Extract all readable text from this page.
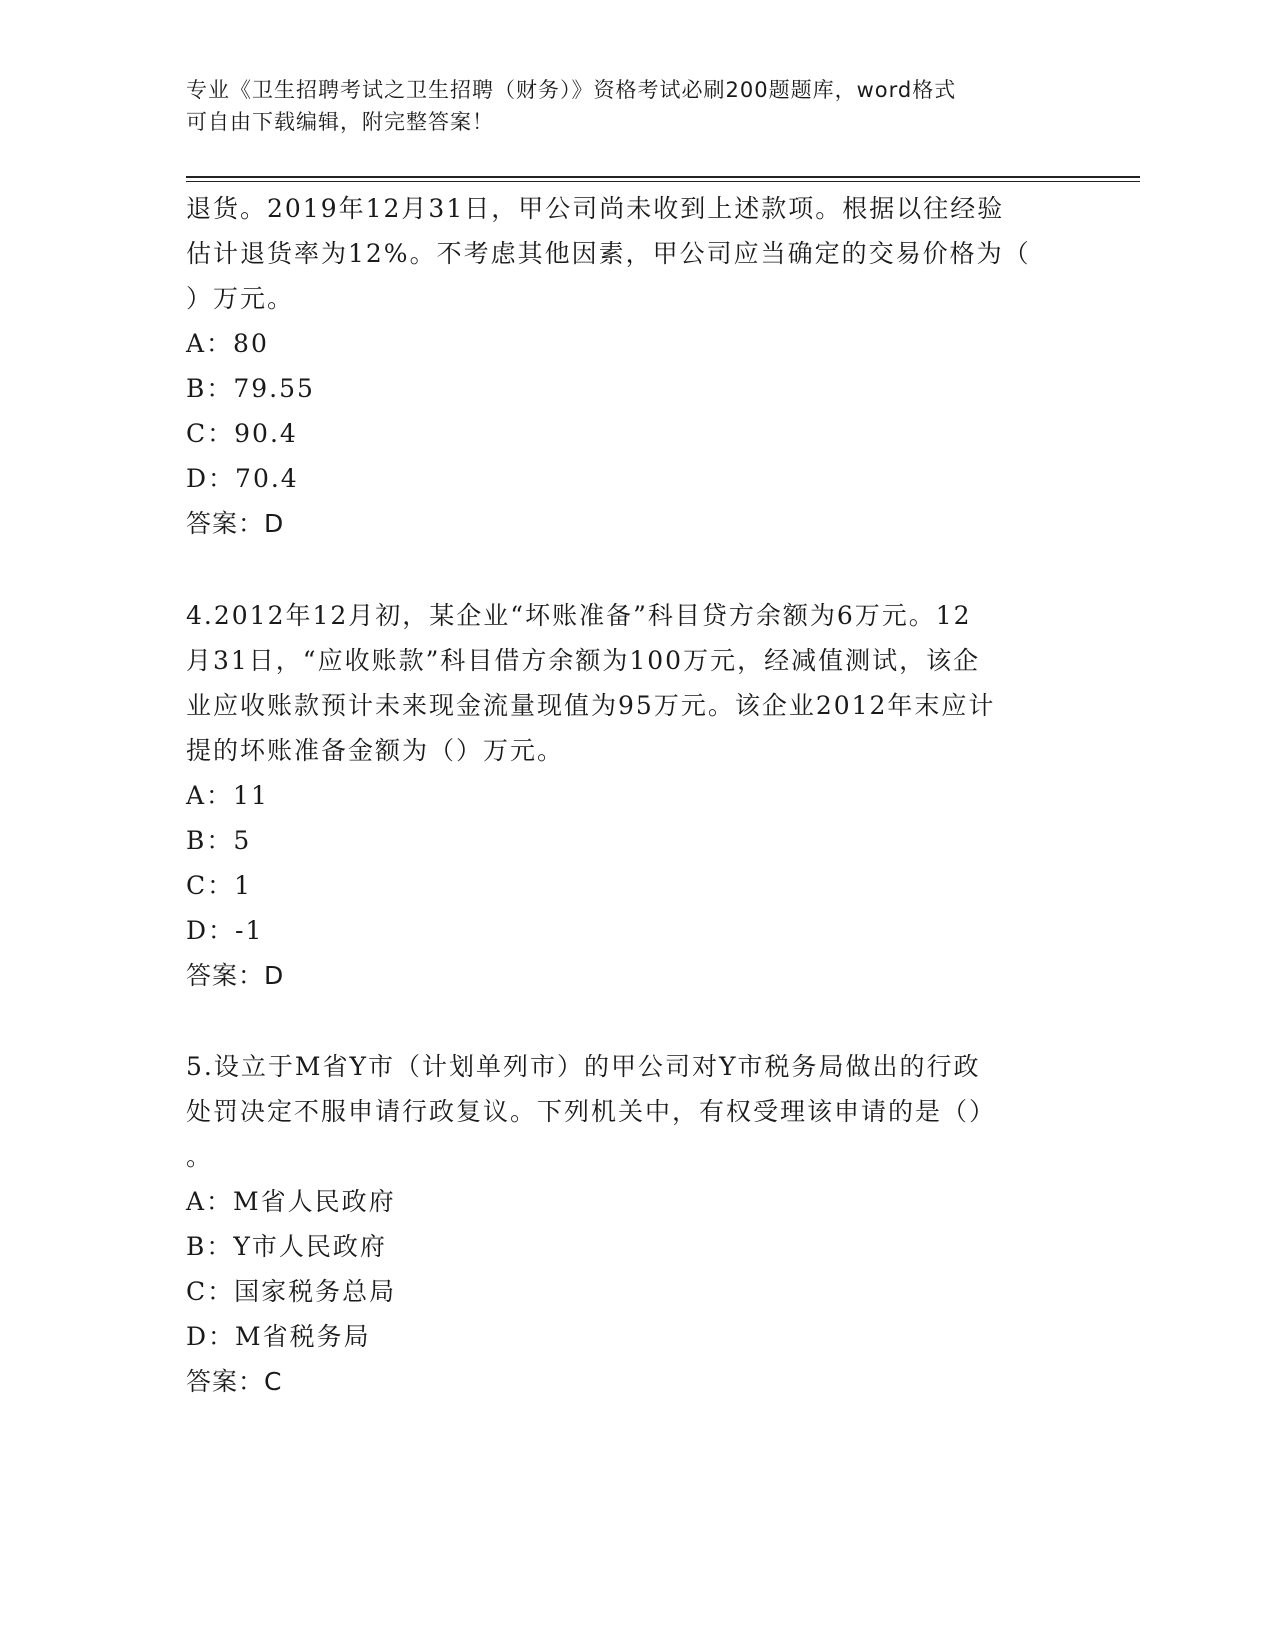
专业《卫生招聘考试之卫生招聘（财务）》资格考试必刷200题题库，word格式
可自由下载编辑，附完整答案！
退货。2019年12月31日，甲公司尚未收到上述款项。根据以往经验
估计退货率为12%。不考虑其他因素，甲公司应当确定的交易价格为（
）万元。
A：80
B：79.55
C：90.4
D：70.4
答案：D
4.2012年12月初，某企业“坏账准备”科目贷方余额为6万元。12
月31日，“应收账款”科目借方余额为100万元，经减值测试，该企
业应收账款预计未来现金流量现值为95万元。该企业2012年末应计
提的坏账准备金额为（）万元。
A：11
B：5
C：1
D：-1
答案：D
5.设立于M省Y市（计划单列市）的甲公司对Y市税务局做出的行政
处罚决定不服申请行政复议。下列机关中，有权受理该申请的是（）
。
A：M省人民政府
B：Y市人民政府
C：国家税务总局
D：M省税务局
答案：C
